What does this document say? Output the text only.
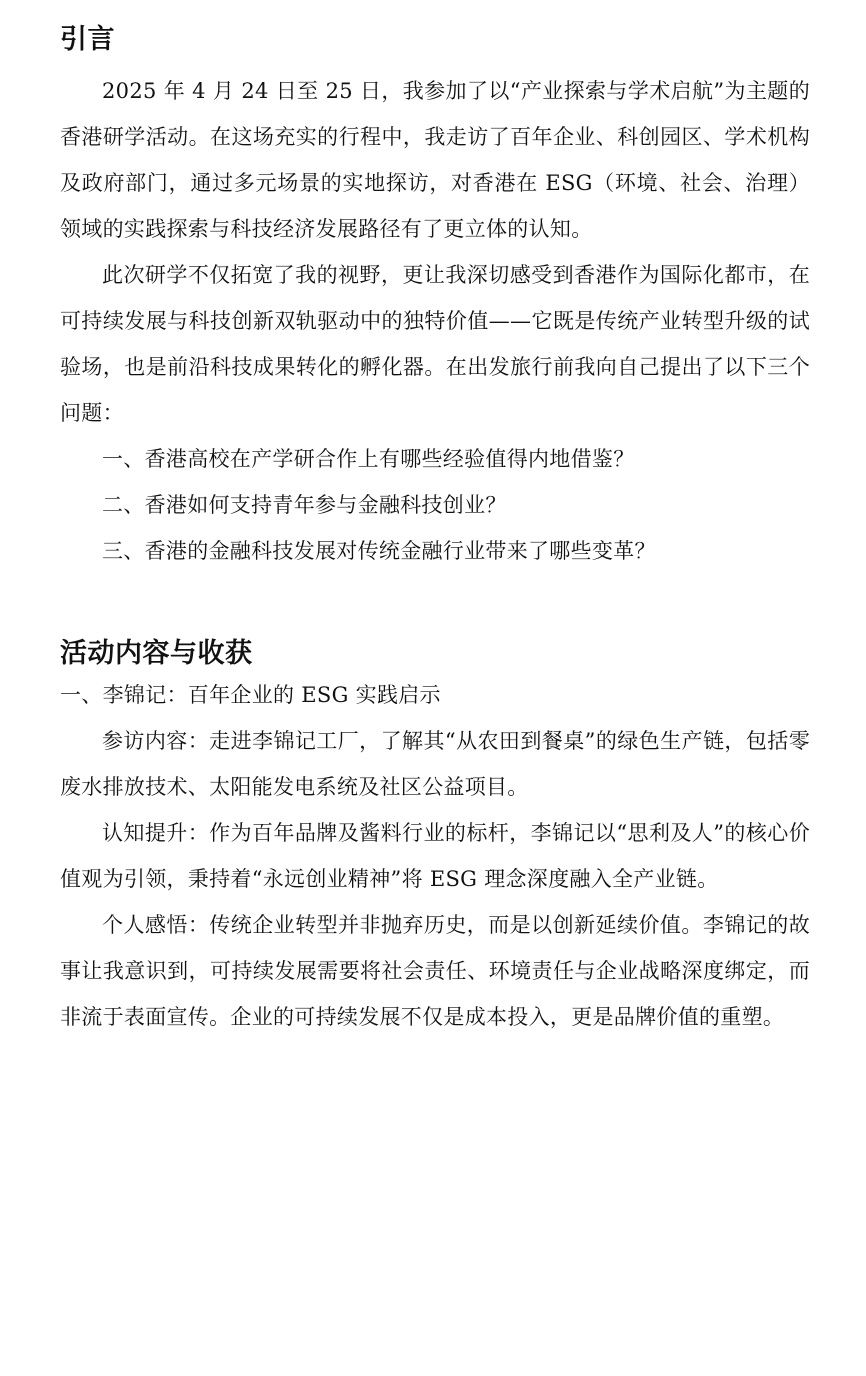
引言

2025 年 4 月 24 日至 25 日，我参加了以“产业探索与学术启航”为主题的香港研学活动。在这场充实的行程中，我走访了百年企业、科创园区、学术机构及政府部门，通过多元场景的实地探访，对香港在 ESG（环境、社会、治理）领域的实践探索与科技经济发展路径有了更立体的认知。

此次研学不仅拓宽了我的视野，更让我深切感受到香港作为国际化都市，在可持续发展与科技创新双轨驱动中的独特价值——它既是传统产业转型升级的试验场，也是前沿科技成果转化的孵化器。在出发旅行前我向自己提出了以下三个问题：

一、香港高校在产学研合作上有哪些经验值得内地借鉴？

二、香港如何支持青年参与金融科技创业？

三、香港的金融科技发展对传统金融行业带来了哪些变革？

活动内容与收获

一、李锦记：百年企业的 ESG 实践启示

参访内容：走进李锦记工厂，了解其“从农田到餐桌”的绿色生产链，包括零废水排放技术、太阳能发电系统及社区公益项目。

认知提升：作为百年品牌及酱料行业的标杆，李锦记以“思利及人”的核心价值观为引领，秉持着“永远创业精神”将 ESG 理念深度融入全产业链。

个人感悟：传统企业转型并非抛弃历史，而是以创新延续价值。李锦记的故事让我意识到，可持续发展需要将社会责任、环境责任与企业战略深度绑定，而非流于表面宣传。企业的可持续发展不仅是成本投入，更是品牌价值的重塑。
